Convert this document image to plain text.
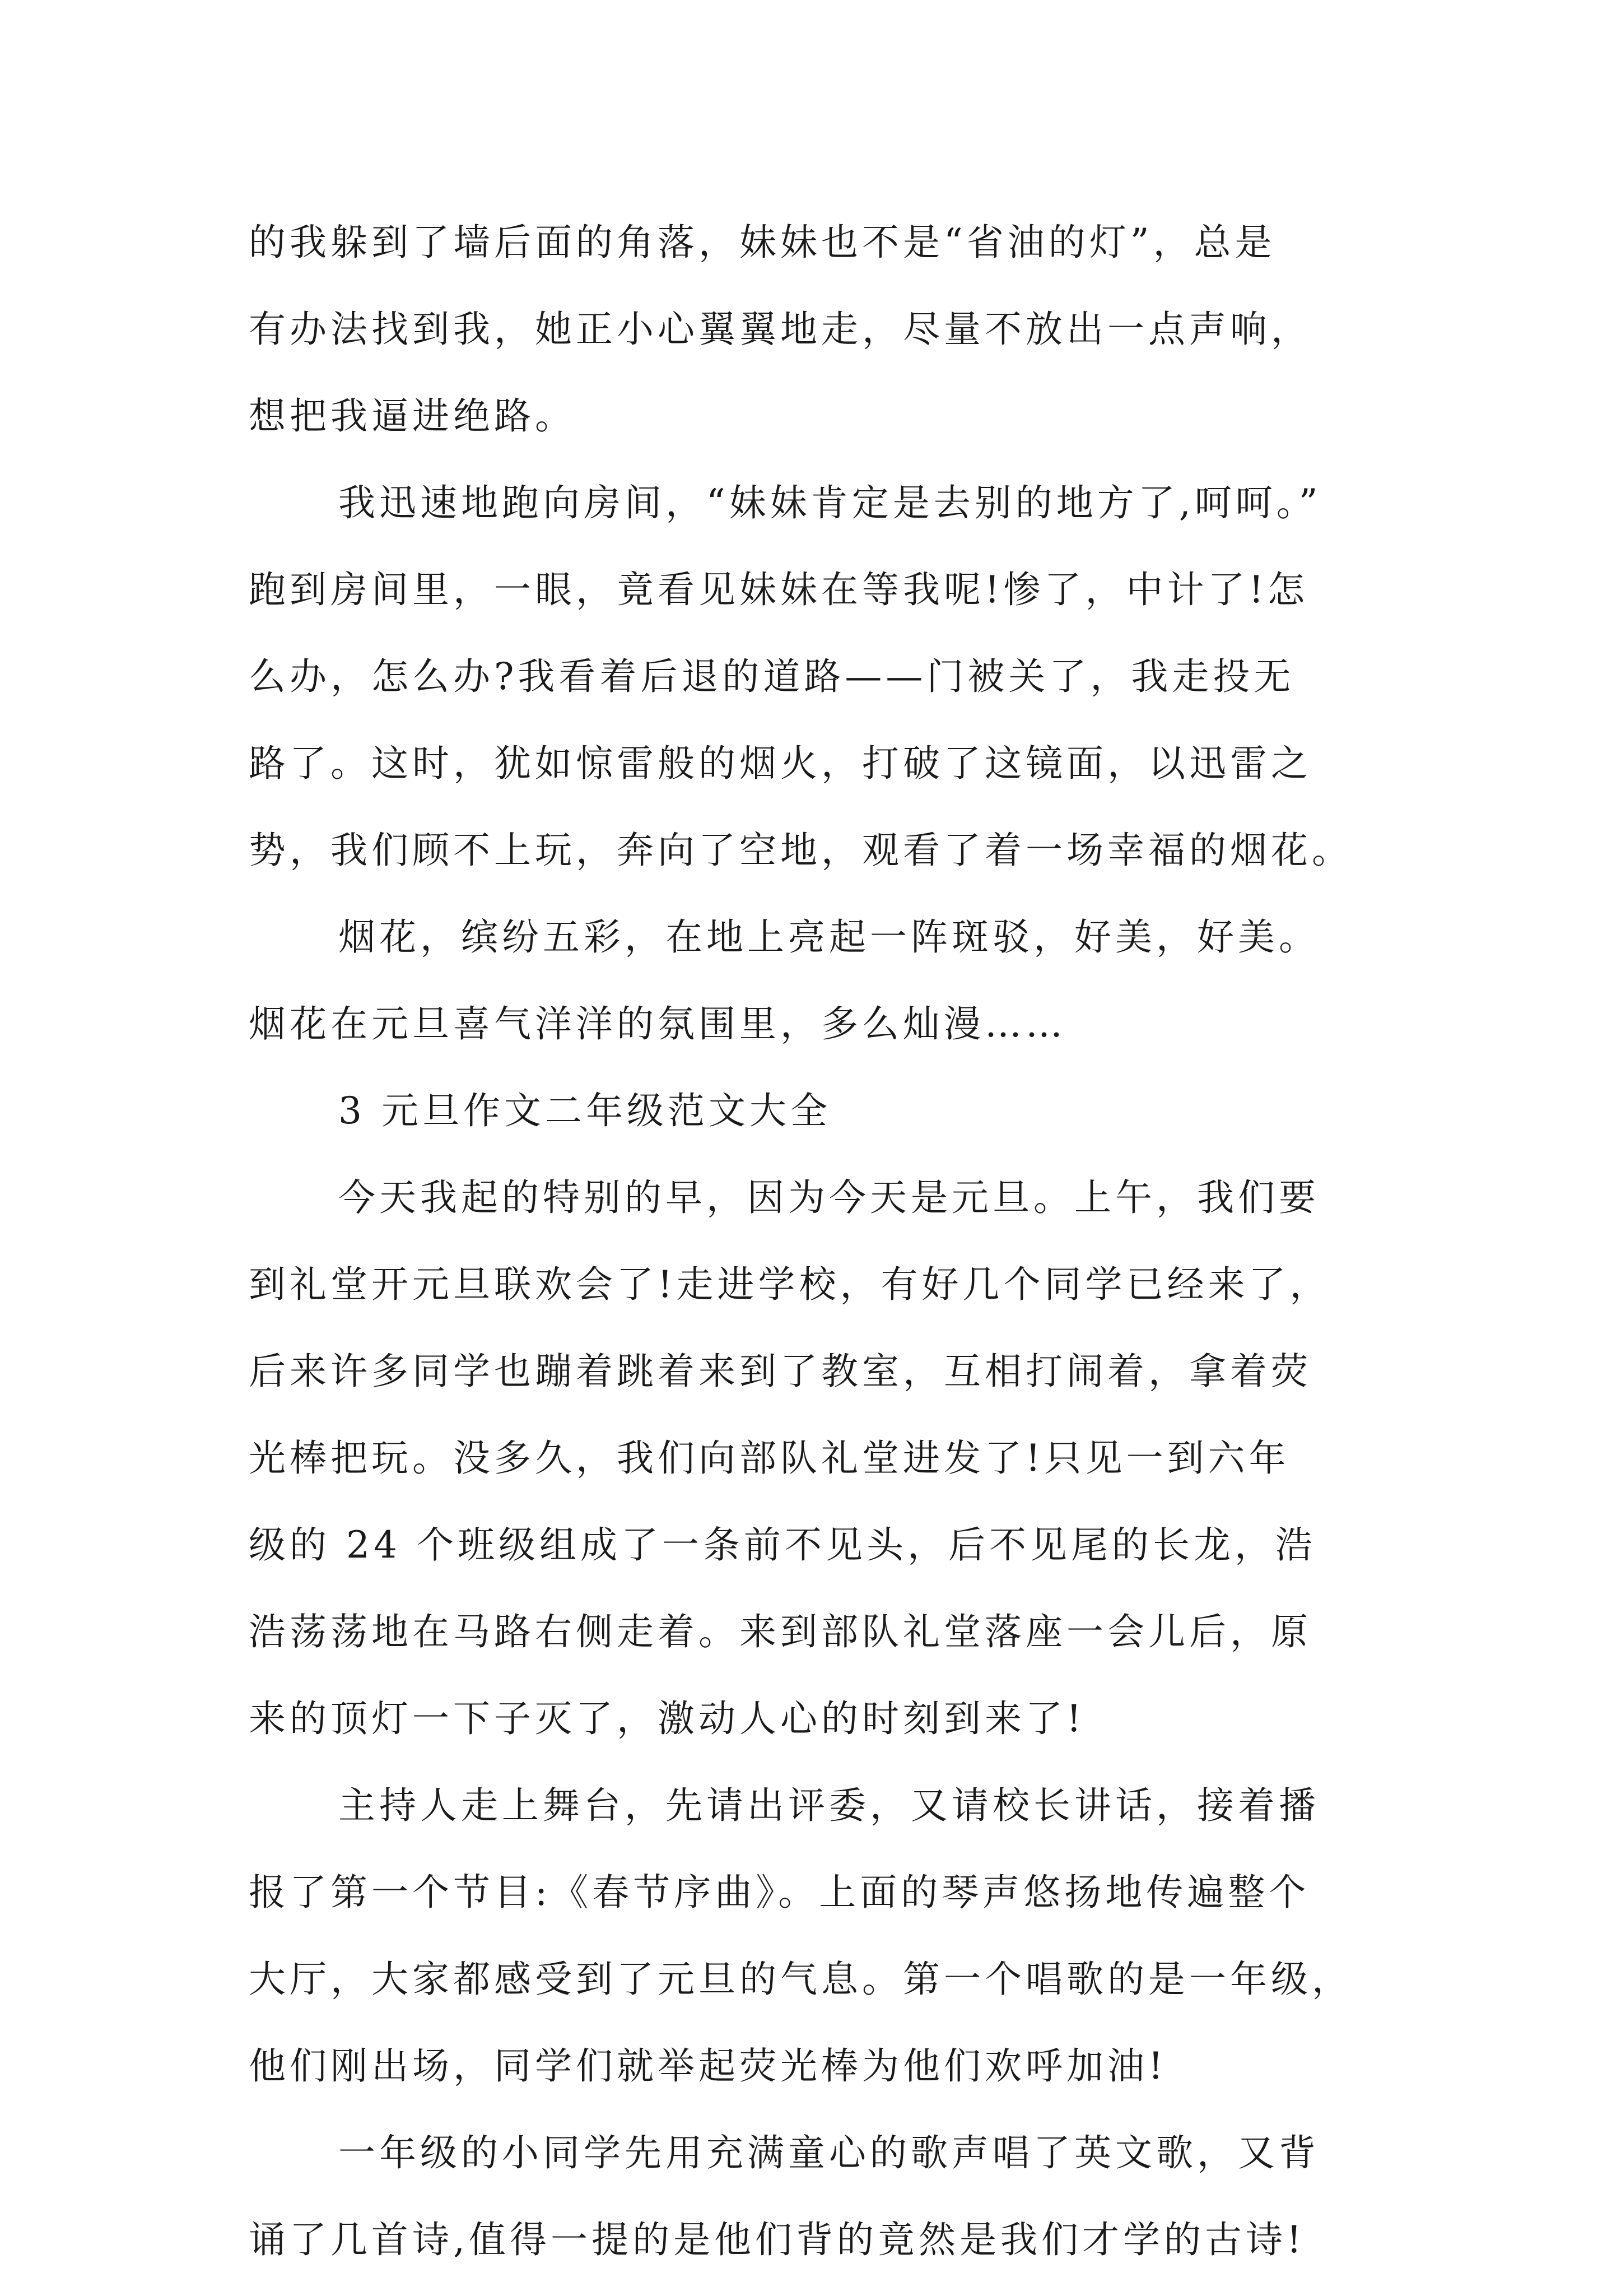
的我躲到了墙后面的角落，妹妹也不是“省油的灯”，总是
有办法找到我，她正小心翼翼地走，尽量不放出一点声响，
想把我逼进绝路。
我迅速地跑向房间，“妹妹肯定是去别的地方了,呵呵。”
跑到房间里，一眼，竟看见妹妹在等我呢!惨了，中计了!怎
么办，怎么办?我看着后退的道路——门被关了，我走投无
路了。这时，犹如惊雷般的烟火，打破了这镜面，以迅雷之
势，我们顾不上玩，奔向了空地，观看了着一场幸福的烟花。
烟花，缤纷五彩，在地上亮起一阵斑驳，好美，好美。
烟花在元旦喜气洋洋的氛围里，多么灿漫……
3 元旦作文二年级范文大全
今天我起的特别的早，因为今天是元旦。上午，我们要
到礼堂开元旦联欢会了!走进学校，有好几个同学已经来了，
后来许多同学也蹦着跳着来到了教室，互相打闹着，拿着荧
光棒把玩。没多久，我们向部队礼堂进发了!只见一到六年
级的 24 个班级组成了一条前不见头，后不见尾的长龙，浩
浩荡荡地在马路右侧走着。来到部队礼堂落座一会儿后，原
来的顶灯一下子灭了，激动人心的时刻到来了!
主持人走上舞台，先请出评委，又请校长讲话，接着播
报了第一个节目:《春节序曲》。上面的琴声悠扬地传遍整个
大厅，大家都感受到了元旦的气息。第一个唱歌的是一年级，
他们刚出场，同学们就举起荧光棒为他们欢呼加油!
一年级的小同学先用充满童心的歌声唱了英文歌，又背
诵了几首诗,值得一提的是他们背的竟然是我们才学的古诗!
